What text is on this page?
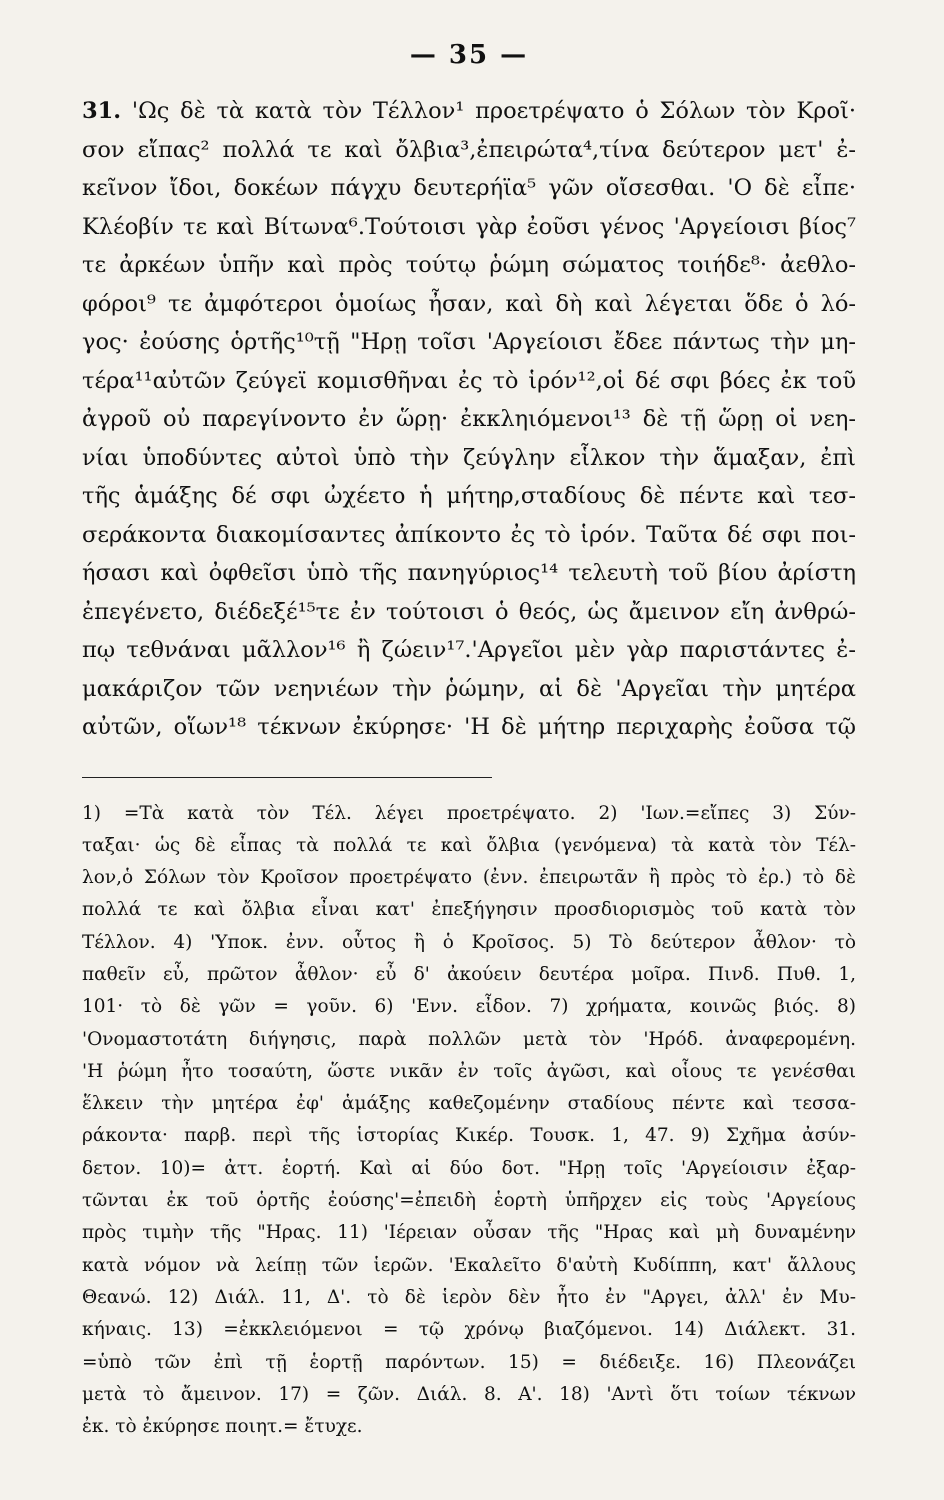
— 35 —
31. 'Ως δὲ τὰ κατὰ τὸν Τέλλον¹ προετρέψατο ὁ Σόλων τὸν Κροῖ·
σον εἴπας² πολλά τε καὶ ὄλβια³,ἐπειρώτα⁴,τίνα δεύτερον μετ' ἐ-
κεῖνον ἴδοι, δοκέων πάγχυ δευτερήϊα⁵ γῶν οἴσεσθαι. 'Ο δὲ εἶπε·
Κλέοβίν τε καὶ Βίτωνα⁶.Τούτοισι γὰρ ἐοῦσι γένος 'Αργείοισι βίος⁷
τε ἀρκέων ὑπῆν καὶ πρὸς τούτῳ ῥώμη σώματος τοιήδε⁸· ἀεθλο-
φόροι⁹ τε ἀμφότεροι ὁμοίως ἦσαν, καὶ δὴ καὶ λέγεται ὅδε ὁ λό-
γος· ἐούσης ὁρτῆς¹⁰τῇ "Ηρῃ τοῖσι 'Αργείοισι ἔδεε πάντως τὴν μη-
τέρα¹¹αὐτῶν ζεύγεϊ κομισθῆναι ἐς τὸ ἱρόν¹²,οἱ δέ σφι βόες ἐκ τοῦ
ἀγροῦ οὐ παρεγίνοντο ἐν ὥρῃ· ἐκκληιόμενοι¹³ δὲ τῇ ὥρῃ οἱ νεη-
νίαι ὑποδύντες αὐτοὶ ὑπὸ τὴν ζεύγλην εἷλκον τὴν ἅμαξαν, ἐπὶ
τῆς ἁμάξης δέ σφι ὠχέετο ἡ μήτηρ,σταδίους δὲ πέντε καὶ τεσ-
σεράκοντα διακομίσαντες ἀπίκοντο ἐς τὸ ἱρόν. Ταῦτα δέ σφι ποι-
ήσασι καὶ ὀφθεῖσι ὑπὸ τῆς πανηγύριος¹⁴ τελευτὴ τοῦ βίου ἀρίστη
ἐπεγένετο, διέδεξέ¹⁵τε ἐν τούτοισι ὁ θεός, ὡς ἄμεινον εἴη ἀνθρώ-
πῳ τεθνάναι μᾶλλον¹⁶ ἢ ζώειν¹⁷.'Αργεῖοι μὲν γὰρ παριστάντες ἐ-
μακάριζον τῶν νεηνιέων τὴν ῥώμην, αἱ δὲ 'Αργεῖαι τὴν μητέρα
αὐτῶν, οἵων¹⁸ τέκνων ἐκύρησε· 'Η δὲ μήτηρ περιχαρὴς ἐοῦσα τῷ
1) =Τὰ κατὰ τὸν Τέλ. λέγει προετρέψατο. 2) 'Ιων.=εἴπες 3) Σύν-
ταξαι· ὡς δὲ εἶπας τὰ πολλά τε καὶ ὄλβια (γενόμενα) τὰ κατὰ τὸν Τέλ-
λον,ὁ Σόλων τὸν Κροῖσον προετρέψατο (ἐνν. ἐπειρωτᾶν ἢ πρὸς τὸ ἐρ.) τὸ δὲ
πολλά τε καὶ ὄλβια εἶναι κατ' ἐπεξήγησιν προσδιορισμὸς τοῦ κατὰ τὸν
Τέλλον. 4) 'Υποκ. ἐνν. οὗτος ἢ ὁ Κροῖσος. 5) Τὸ δεύτερον ἆθλον· τὸ
παθεῖν εὖ, πρῶτον ἆθλον· εὖ δ' ἀκούειν δευτέρα μοῖρα. Πινδ. Πυθ. 1,
101· τὸ δὲ γῶν = γοῦν. 6) 'Ενν. εἶδον. 7) χρήματα, κοινῶς βιός. 8)
'Ονομαστοτάτη διήγησις, παρὰ πολλῶν μετὰ τὸν 'Ηρόδ. ἀναφερομένη.
'Η ῥώμη ἦτο τοσαύτη, ὥστε νικᾶν ἐν τοῖς ἀγῶσι, καὶ οἷους τε γενέσθαι
ἕλκειν τὴν μητέρα ἐφ' ἁμάξης καθεζομένην σταδίους πέντε καὶ τεσσα-
ράκοντα· παρβ. περὶ τῆς ἱστορίας Κικέρ. Τουσκ. 1, 47. 9) Σχῆμα ἀσύν-
δετον. 10)= ἀττ. ἑορτή. Καὶ αἱ δύο δοτ. "Ηρῃ τοῖς 'Αργείοισιν ἐξαρ-
τῶνται ἐκ τοῦ ὁρτῆς ἐούσης'=ἐπειδὴ ἑορτὴ ὑπῆρχεν εἰς τοὺς 'Αργείους
πρὸς τιμὴν τῆς "Ηρας. 11) 'Ιέρειαν οὖσαν τῆς "Ηρας καὶ μὴ δυναμένην
κατὰ νόμον νὰ λείπῃ τῶν ἱερῶν. 'Εκαλεῖτο δ'αὐτὴ Κυδίππη, κατ' ἄλλους
Θεανώ. 12) Διάλ. 11, Δ'. τὸ δὲ ἱερὸν δὲν ἦτο ἐν "Αργει, ἀλλ' ἐν Μυ-
κήναις. 13) =ἐκκλειόμενοι = τῷ χρόνῳ βιαζόμενοι. 14) Διάλεκτ. 31.
=ὑπὸ τῶν ἐπὶ τῇ ἑορτῇ παρόντων. 15) = διέδειξε. 16) Πλεονάζει
μετὰ τὸ ἄμεινον. 17) = ζῶν. Διάλ. 8. Α'. 18) 'Αντὶ ὅτι τοίων τέκνων
ἐκ. τὸ ἐκύρησε ποιητ.= ἔτυχε.
